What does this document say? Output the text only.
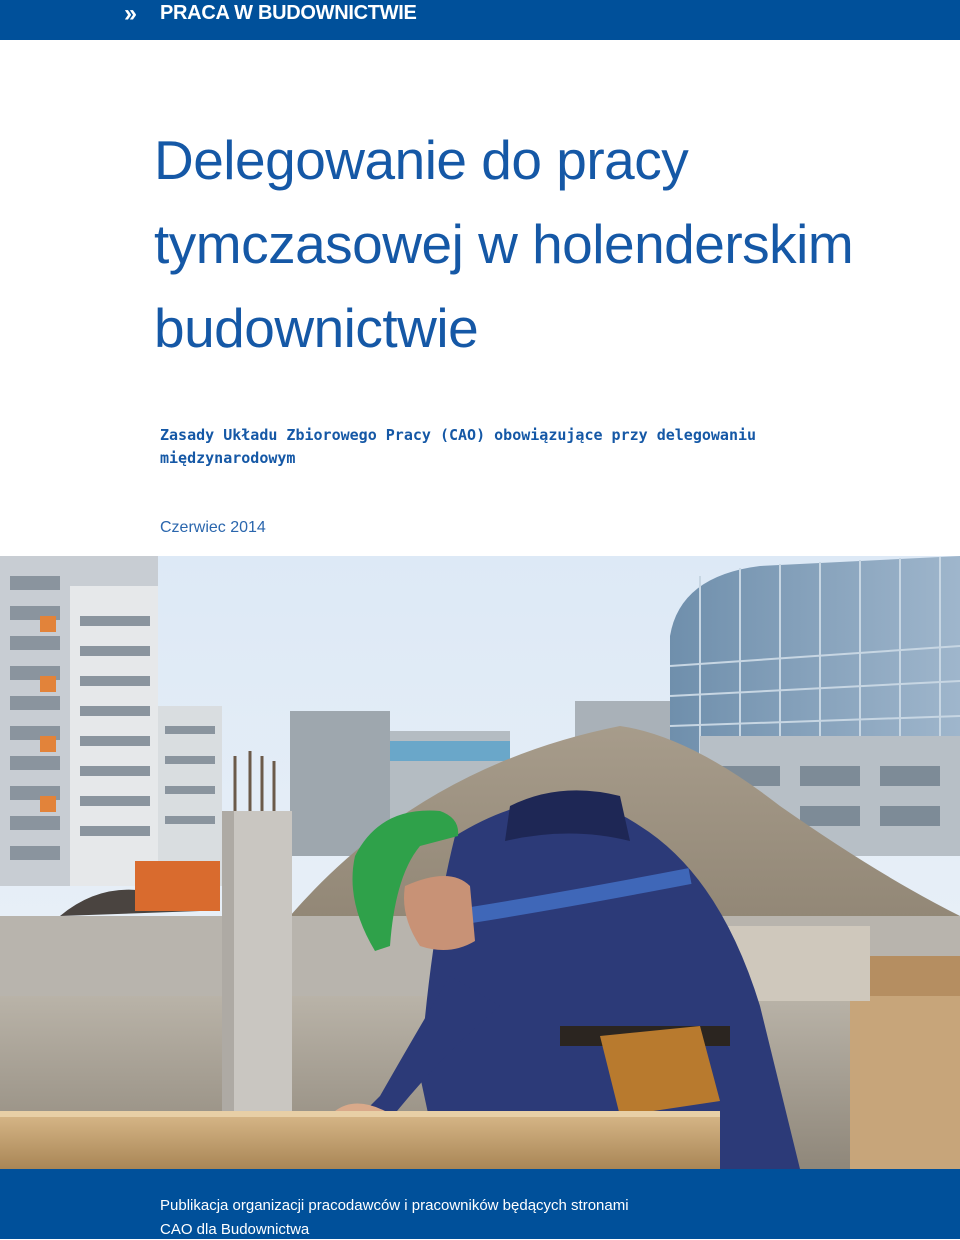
›› PRACA W BUDOWNICTWIE
Delegowanie do pracy
tymczasowej w holenderskim
budownictwie

Zasady Układu Zbiorowego Pracy (CAO) obowiązujące przy delegowaniu
międzynarodowym

Czerwiec 2014
Publikacja organizacji pracodawców i pracowników będących stronami
CAO dla Budownictwa
